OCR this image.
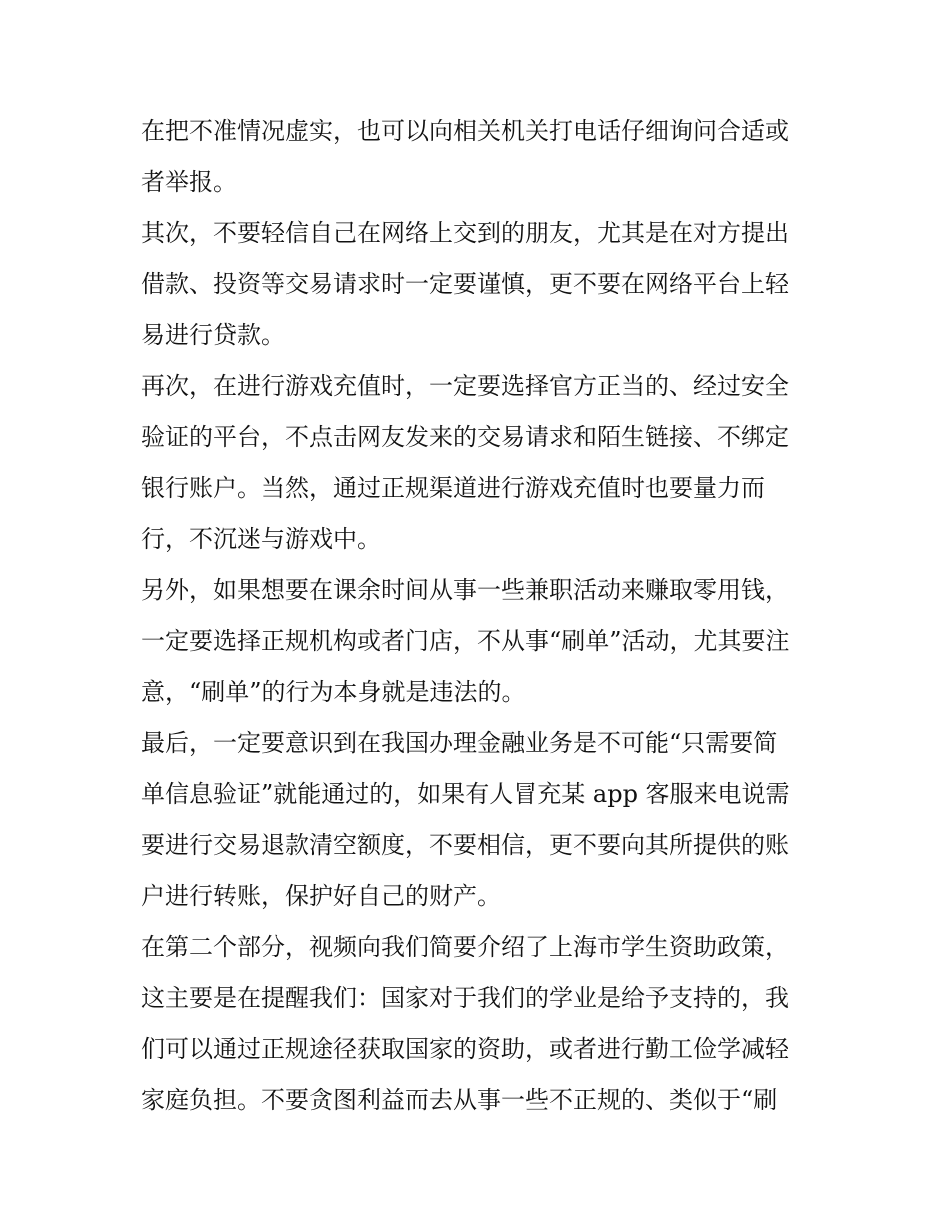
在把不准情况虚实，也可以向相关机关打电话仔细询问合适或
者举报。

其次，不要轻信自己在网络上交到的朋友，尤其是在对方提出
借款、投资等交易请求时一定要谨慎，更不要在网络平台上轻
易进行贷款。

再次，在进行游戏充值时，一定要选择官方正当的、经过安全
验证的平台，不点击网友发来的交易请求和陌生链接、不绑定
银行账户。当然，通过正规渠道进行游戏充值时也要量力而
行，不沉迷与游戏中。

另外，如果想要在课余时间从事一些兼职活动来赚取零用钱，
一定要选择正规机构或者门店，不从事“刷单”活动，尤其要注
意，“刷单”的行为本身就是违法的。

最后，一定要意识到在我国办理金融业务是不可能“只需要简
单信息验证”就能通过的，如果有人冒充某 app 客服来电说需
要进行交易退款清空额度，不要相信，更不要向其所提供的账
户进行转账，保护好自己的财产。

在第二个部分，视频向我们简要介绍了上海市学生资助政策，
这主要是在提醒我们：国家对于我们的学业是给予支持的，我
们可以通过正规途径获取国家的资助，或者进行勤工俭学减轻
家庭负担。不要贪图利益而去从事一些不正规的、类似于“刷
